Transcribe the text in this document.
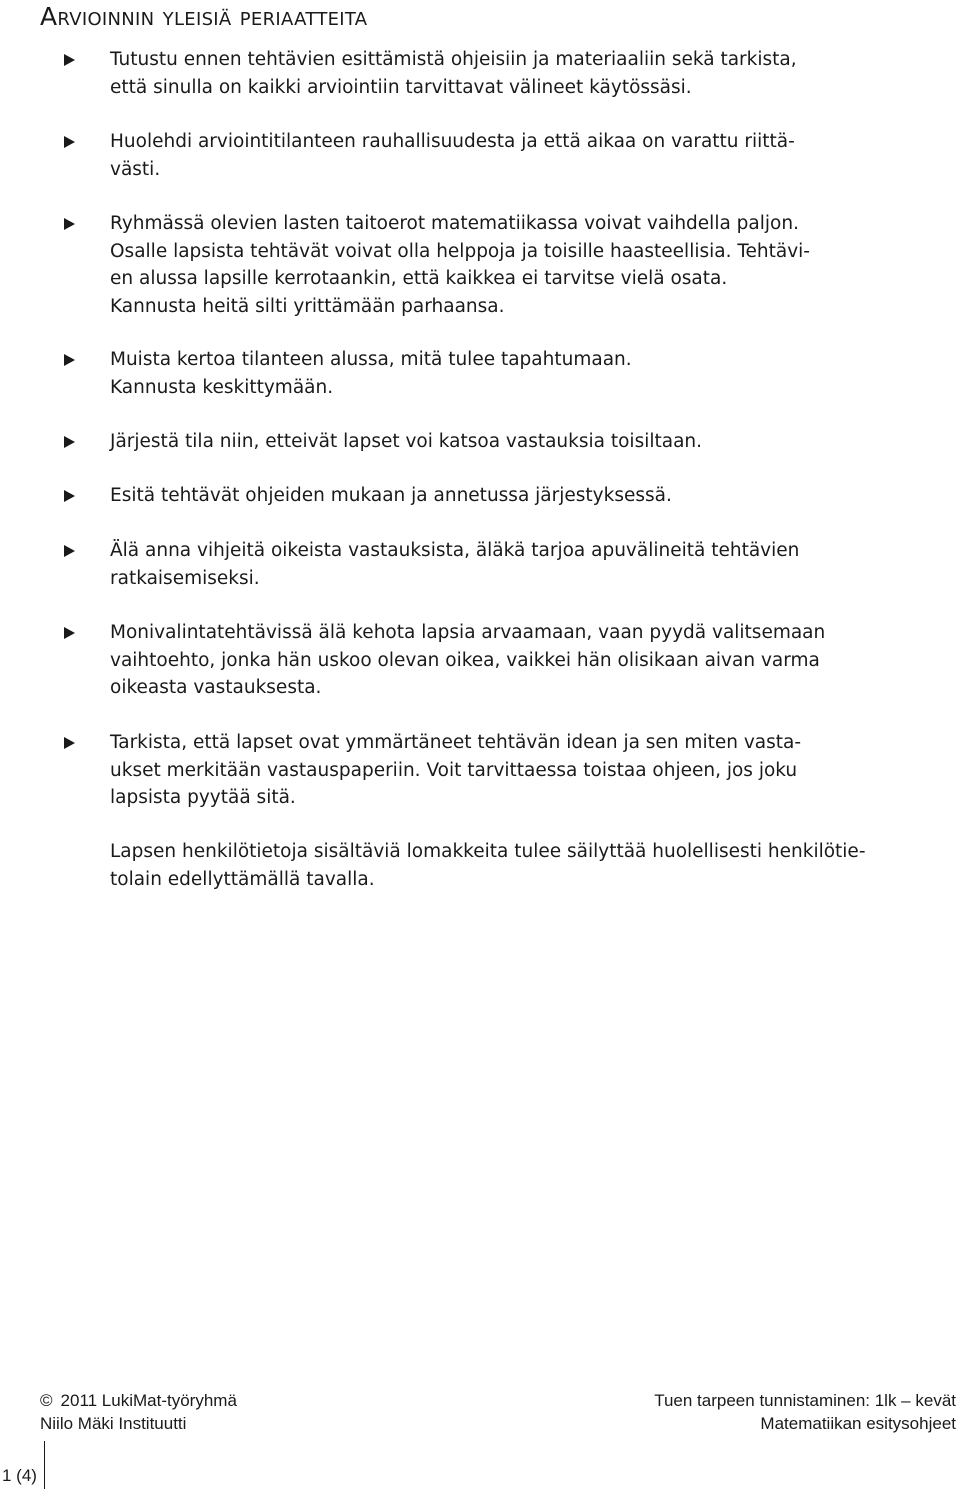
Arvioinnin yleisiä periaatteita
Tutustu ennen tehtävien esittämistä ohjeisiin ja materiaaliin sekä tarkista,
että sinulla on kaikki arviointiin tarvittavat välineet käytössäsi.
Huolehdi arviointitilanteen rauhallisuudesta ja että aikaa on varattu riittä-
västi.
Ryhmässä olevien lasten taitoerot matematiikassa voivat vaihdella paljon.
Osalle lapsista tehtävät voivat olla helppoja ja toisille haasteellisia. Tehtävi-
en alussa lapsille kerrotaankin, että kaikkea ei tarvitse vielä osata.
Kannusta heitä silti yrittämään parhaansa.
Muista kertoa tilanteen alussa, mitä tulee tapahtumaan.
Kannusta keskittymään.
Järjestä tila niin, etteivät lapset voi katsoa vastauksia toisiltaan.
Esitä tehtävät ohjeiden mukaan ja annetussa järjestyksessä.
Älä anna vihjeitä oikeista vastauksista, äläkä tarjoa apuvälineitä tehtävien
ratkaisemiseksi.
Monivalintatehtävissä älä kehota lapsia arvaamaan, vaan pyydä valitsemaan
vaihtoehto, jonka hän uskoo olevan oikea, vaikkei hän olisikaan aivan varma
oikeasta vastauksesta.
Tarkista, että lapset ovat ymmärtäneet tehtävän idean ja sen miten vasta-
ukset merkitään vastauspaperiin. Voit tarvittaessa toistaa ohjeen, jos joku
lapsista pyytää sitä.

Lapsen henkilötietoja sisältäviä lomakkeita tulee säilyttää huolellisesti henkilötie-
tolain edellyttämällä tavalla.

© 2011 LukiMat-työryhmä
Niilo Mäki Instituutti
Tuen tarpeen tunnistaminen: 1lk – kevät
Matematiikan esitysohjeet
1 (4)
